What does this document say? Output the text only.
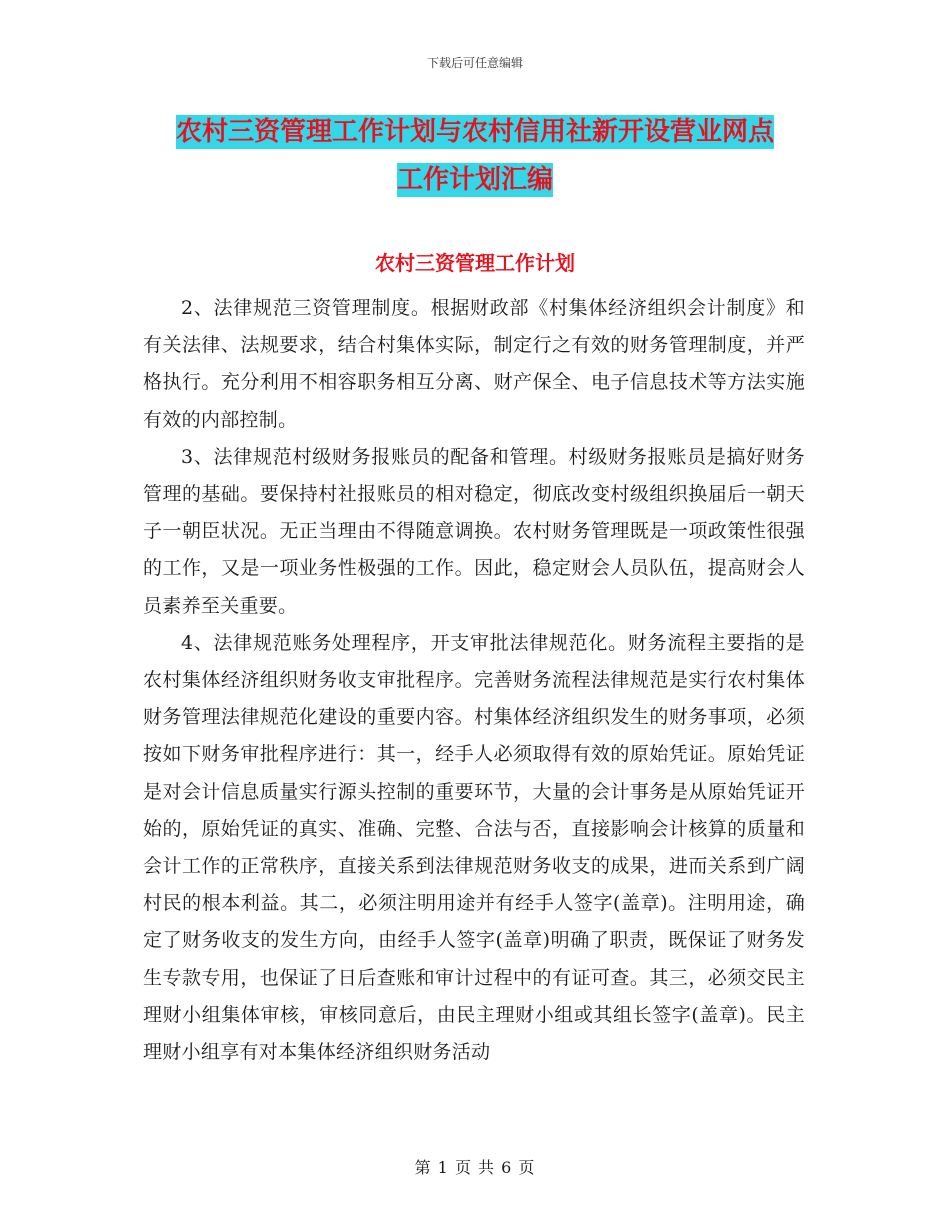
下载后可任意编辑
农村三资管理工作计划与农村信用社新开设营业网点
工作计划汇编
农村三资管理工作计划

2、法律规范三资管理制度。根据财政部《村集体经济组织会计制度》和有关法律、法规要求，结合村集体实际，制定行之有效的财务管理制度，并严格执行。充分利用不相容职务相互分离、财产保全、电子信息技术等方法实施有效的内部控制。

3、法律规范村级财务报账员的配备和管理。村级财务报账员是搞好财务管理的基础。要保持村社报账员的相对稳定，彻底改变村级组织换届后一朝天子一朝臣状况。无正当理由不得随意调换。农村财务管理既是一项政策性很强的工作，又是一项业务性极强的工作。因此，稳定财会人员队伍，提高财会人员素养至关重要。

4、法律规范账务处理程序，开支审批法律规范化。财务流程主要指的是农村集体经济组织财务收支审批程序。完善财务流程法律规范是实行农村集体财务管理法律规范化建设的重要内容。村集体经济组织发生的财务事项，必须按如下财务审批程序进行：其一，经手人必须取得有效的原始凭证。原始凭证是对会计信息质量实行源头控制的重要环节，大量的会计事务是从原始凭证开始的，原始凭证的真实、准确、完整、合法与否，直接影响会计核算的质量和会计工作的正常秩序，直接关系到法律规范财务收支的成果，进而关系到广阔村民的根本利益。其二，必须注明用途并有经手人签字(盖章)。注明用途，确定了财务收支的发生方向，由经手人签字(盖章)明确了职责，既保证了财务发生专款专用，也保证了日后查账和审计过程中的有证可查。其三，必须交民主理财小组集体审核，审核同意后，由民主理财小组或其组长签字(盖章)。民主理财小组享有对本集体经济组织财务活动

第 1 页 共 6 页
